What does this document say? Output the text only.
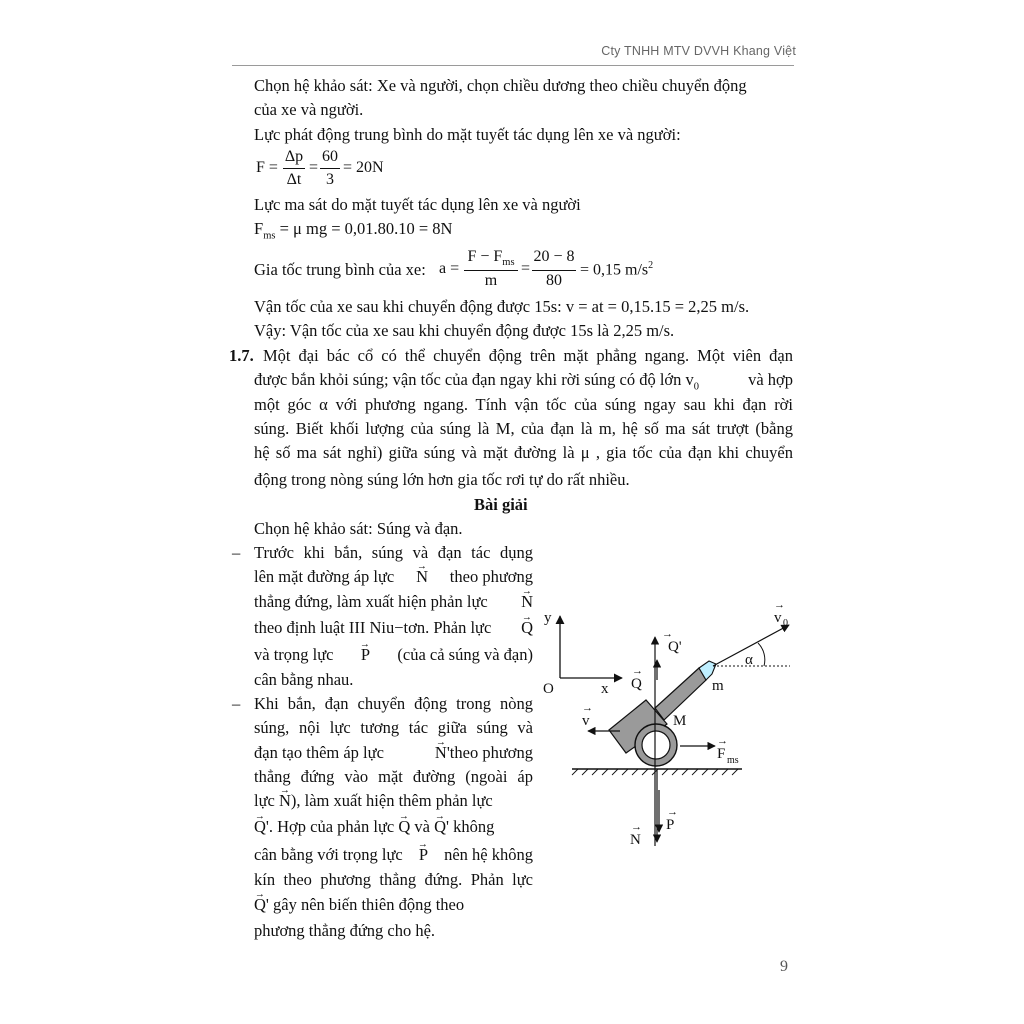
Cty TNHH MTV DVVH Khang Việt
Chọn hệ khảo sát: Xe và người, chọn chiều dương theo chiều chuyển động
của xe và người.
Lực phát động trung bình do mặt tuyết tác dụng lên xe và người:
F =
Δp
Δt
=
60
3
= 20N
Lực ma sát do mặt tuyết tác dụng lên xe và người
$F_{ms} = \mu$ mg = 0,01.80.10 = 8N
Gia tốc trung bình của xe: a =
$F - F_{ms}$
m
=
20 − 8
80
= 0,15 $m/s^2$
Vận tốc của xe sau khi chuyển động được 15s: v = at = 0,15.15 = 2,25 m/s.
Vậy: Vận tốc của xe sau khi chuyển động được 15s là 2,25 m/s.
1.7. Một đại bác cổ có thể chuyển động trên mặt phẳng ngang. Một viên đạn
được bắn khỏi súng; vận tốc của đạn ngay khi rời súng có độ lớn $v_0$	và hợp
một góc α với phương ngang. Tính vận tốc của súng ngay sau khi đạn rời
súng. Biết khối lượng của súng là M, của đạn là m, hệ số ma sát trượt (bằng
hệ số ma sát nghỉ) giữa súng và mặt đường là μ , gia tốc của đạn khi chuyển
động trong nòng súng lớn hơn gia tốc rơi tự do rất nhiều.
Bài giải
Chọn hệ khảo sát: Súng và đạn.
– Trước khi bắn, súng và đạn tác dụng
lên mặt đường áp lực → N theo phương
thẳng đứng, làm xuất hiện phản lực → N
theo định luật III Niu−tơn. Phản lực → Q
và trọng lực → P (của cả súng và đạn)
cân bằng nhau.
– Khi bắn, đạn chuyển động trong nòng
súng, nội lực tương tác giữa súng và
đạn tạo thêm áp lực	→ N'theo phương
thẳng đứng vào mặt đường (ngoài áp
lực → N), làm xuất hiện thêm phản lực
→ Q'. Hợp của phản lực → Q và → Q' không
cân bằng với trọng lực → P nên hệ không
kín theo phương thẳng đứng. Phản lực
→ Q' gây nên biến thiên động theo
phương thẳng đứng cho hệ.
y
O	x
Q'
→
Q
→
v 0
→
α
m
M
v
→
F ms
→
N
→ P
→
9
